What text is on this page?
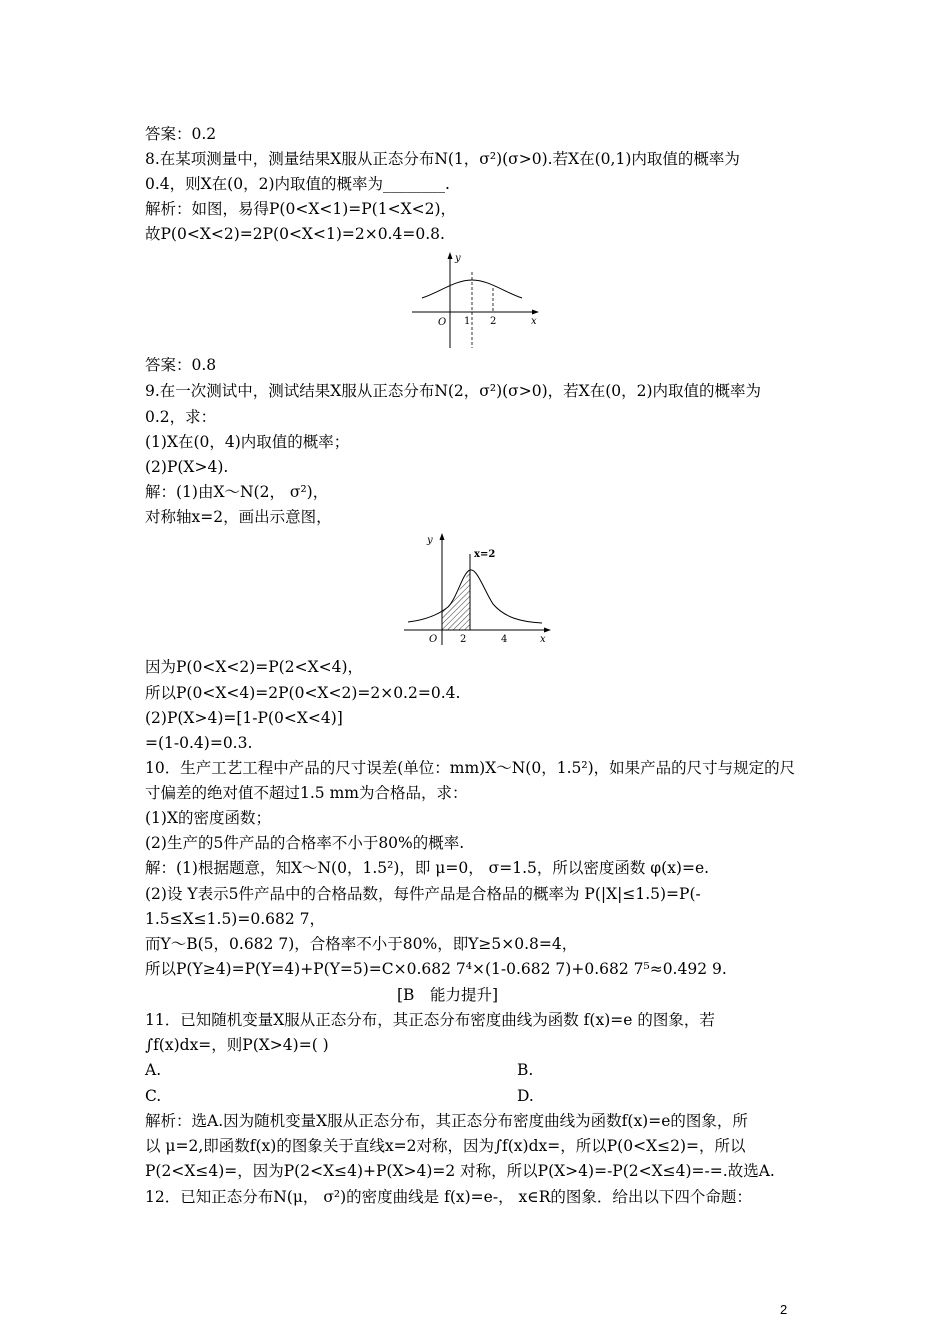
答案：0.2
8.在某项测量中，测量结果X服从正态分布N(1，σ²)(σ>0).若X在(0,1)内取值的概率为
0.4，则X在(0，2)内取值的概率为________.
解析：如图，易得P(0<X<1)=P(1<X<2)，
故P(0<X<2)=2P(0<X<1)=2×0.4=0.8.
y
O 1 2	x
答案：0.8
9.在一次测试中，测试结果X服从正态分布N(2，σ²)(σ>0)，若X在(0，2)内取值的概率为
0.2，求：
(1)X在(0，4)内取值的概率；
(2)P(X>4).
解：(1)由X～N(2， σ²)，
对称轴x=2，画出示意图，
y
x=2
O 2	4	x
因为P(0<X<2)=P(2<X<4)，
所以P(0<X<4)=2P(0<X<2)=2×0.2=0.4.
(2)P(X>4)=[1-P(0<X<4)]
=(1-0.4)=0.3.
10．生产工艺工程中产品的尺寸误差(单位：mm)X～N(0，1.5²)，如果产品的尺寸与规定的尺
寸偏差的绝对值不超过1.5 mm为合格品，求：
(1)X的密度函数；
(2)生产的5件产品的合格率不小于80%的概率.
解：(1)根据题意，知X～N(0，1.5²)，即 μ=0， σ=1.5，所以密度函数 φ(x)=e.
(2)设 Y表示5件产品中的合格品数，每件产品是合格品的概率为 P(|X|≤1.5)=P(-
1.5≤X≤1.5)=0.682 7，
而Y～B(5，0.682 7)，合格率不小于80%，即Y≥5×0.8=4，
所以P(Y≥4)=P(Y=4)+P(Y=5)=C×0.682 7⁴×(1-0.682 7)+0.682 7⁵≈0.492 9.
[B　能力提升]
11．已知随机变量X服从正态分布，其正态分布密度曲线为函数 f(x)=e 的图象，若
∫f(x)dx=，则P(X>4)=( )
A.	B.
C.	D.
解析：选A.因为随机变量X服从正态分布，其正态分布密度曲线为函数f(x)=e的图象，所
以 μ=2,即函数f(x)的图象关于直线x=2对称，因为∫f(x)dx=，所以P(0<X≤2)=，所以
P(2<X≤4)=，因为P(2<X≤4)+P(X>4)=2 对称，所以P(X>4)=-P(2<X≤4)=-=.故选A.
12．已知正态分布N(μ， σ²)的密度曲线是 f(x)=e-， x∈R的图象．给出以下四个命题：
2
